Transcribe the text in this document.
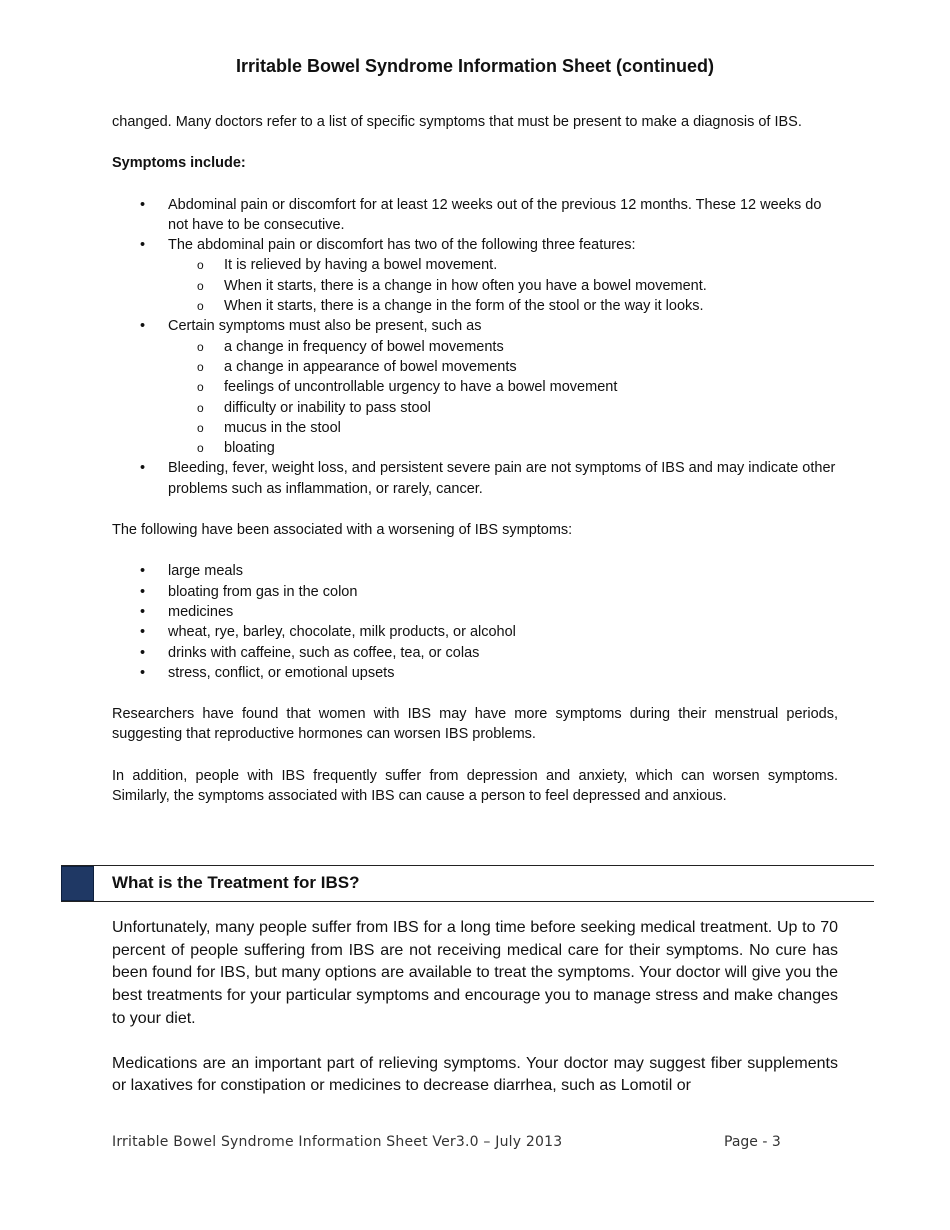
Irritable Bowel Syndrome Information Sheet (continued)

changed. Many doctors refer to a list of specific symptoms that must be present to make a diagnosis of IBS.

Symptoms include:
• Abdominal pain or discomfort for at least 12 weeks out of the previous 12 months. These 12 weeks do not have to be consecutive.
• The abdominal pain or discomfort has two of the following three features:
o It is relieved by having a bowel movement.
o When it starts, there is a change in how often you have a bowel movement.
o When it starts, there is a change in the form of the stool or the way it looks.
• Certain symptoms must also be present, such as
o a change in frequency of bowel movements
o a change in appearance of bowel movements
o feelings of uncontrollable urgency to have a bowel movement
o difficulty or inability to pass stool
o mucus in the stool
o bloating
• Bleeding, fever, weight loss, and persistent severe pain are not symptoms of IBS and may indicate other problems such as inflammation, or rarely, cancer.
The following have been associated with a worsening of IBS symptoms:
• large meals
• bloating from gas in the colon
• medicines
• wheat, rye, barley, chocolate, milk products, or alcohol
• drinks with caffeine, such as coffee, tea, or colas
• stress, conflict, or emotional upsets

Researchers have found that women with IBS may have more symptoms during their menstrual periods, suggesting that reproductive hormones can worsen IBS problems.

In addition, people with IBS frequently suffer from depression and anxiety, which can worsen symptoms. Similarly, the symptoms associated with IBS can cause a person to feel depressed and anxious.

What is the Treatment for IBS?

Unfortunately, many people suffer from IBS for a long time before seeking medical treatment. Up to 70 percent of people suffering from IBS are not receiving medical care for their symptoms. No cure has been found for IBS, but many options are available to treat the symptoms. Your doctor will give you the best treatments for your particular symptoms and encourage you to manage stress and make changes to your diet.

Medications are an important part of relieving symptoms. Your doctor may suggest fiber supplements or laxatives for constipation or medicines to decrease diarrhea, such as Lomotil or

Irritable Bowel Syndrome Information Sheet Ver3.0 – July 2013	Page - 3
